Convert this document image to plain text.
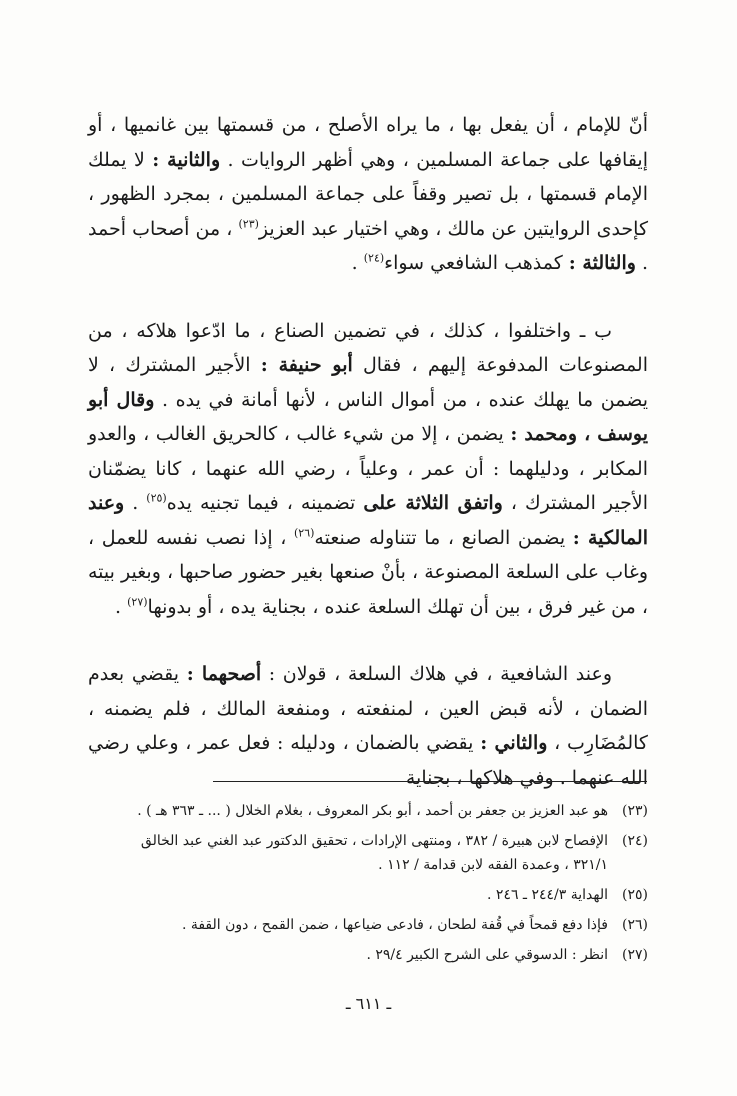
أنّ للإمام ، أن يفعل بها ، ما يراه الأصلح ، من قسمتها بين غانميها ، أو إيقافها على جماعة المسلمين ، وهي أظهر الروايات . والثانية : لا يملك الإمام قسمتها ، بل تصير وقفاً على جماعة المسلمين ، بمجرد الظهور ، كإحدى الروايتين عن مالك ، وهي اختيار عبد العزيز$^{(٢٣)}$ ، من أصحاب أحمد . والثالثة : كمذهب الشافعي سواء$^{(٢٤)}$ .

ب ـ واختلفوا ، كذلك ، في تضمين الصناع ، ما ادّعوا هلاكه ، من المصنوعات المدفوعة إليهم ، فقال أبو حنيفة : الأجير المشترك ، لا يضمن ما يهلك عنده ، من أموال الناس ، لأنها أمانة في يده . وقال أبو يوسف ، ومحمد : يضمن ، إلا من شيء غالب ، كالحريق الغالب ، والعدو المكابر ، ودليلهما : أن عمر ، وعلياً ، رضي الله عنهما ، كانا يضمّنان الأجير المشترك ، واتفق الثلاثة على تضمينه ، فيما تجنيه يده$^{(٢٥)}$ . وعند المالكية : يضمن الصانع ، ما تتناوله صنعته$^{(٢٦)}$ ، إذا نصب نفسه للعمل ، وغاب على السلعة المصنوعة ، بأنْ صنعها بغير حضور صاحبها ، وبغير بيته ، من غير فرق ، بين أن تهلك السلعة عنده ، بجناية يده ، أو بدونها$^{(٢٧)}$ .

وعند الشافعية ، في هلاك السلعة ، قولان : أصحهما : يقضي بعدم الضمان ، لأنه قبض العين ، لمنفعته ، ومنفعة المالك ، فلم يضمنه ، كالمُضَارِب ، والثاني : يقضي بالضمان ، ودليله : فعل عمر ، وعلي رضي الله عنهما . وفي هلاكها ، بجناية

(٢٣)
هو عبد العزيز بن جعفر بن أحمد ، أبو بكر المعروف ، بغلام الخلال ( ... ـ ٣٦٣ هـ ) .
(٢٤)
الإفصاح لابن هبيرة / ٣٨٢ ، ومنتهى الإرادات ، تحقيق الدكتور عبد الغني عبد الخالق
٣٢١/١ ، وعمدة الفقه لابن قدامة / ١١٢ .
(٢٥)
الهداية ٢٤٤/٣ ـ ٢٤٦ .
(٢٦)
فإذا دفع قمحاً في قُفة لطحان ، فادعى ضياعها ، ضمن القمح ، دون القفة .
(٢٧)
انظر : الدسوقي على الشرح الكبير ٢٩/٤ .
ـ ٦١١ ـ
